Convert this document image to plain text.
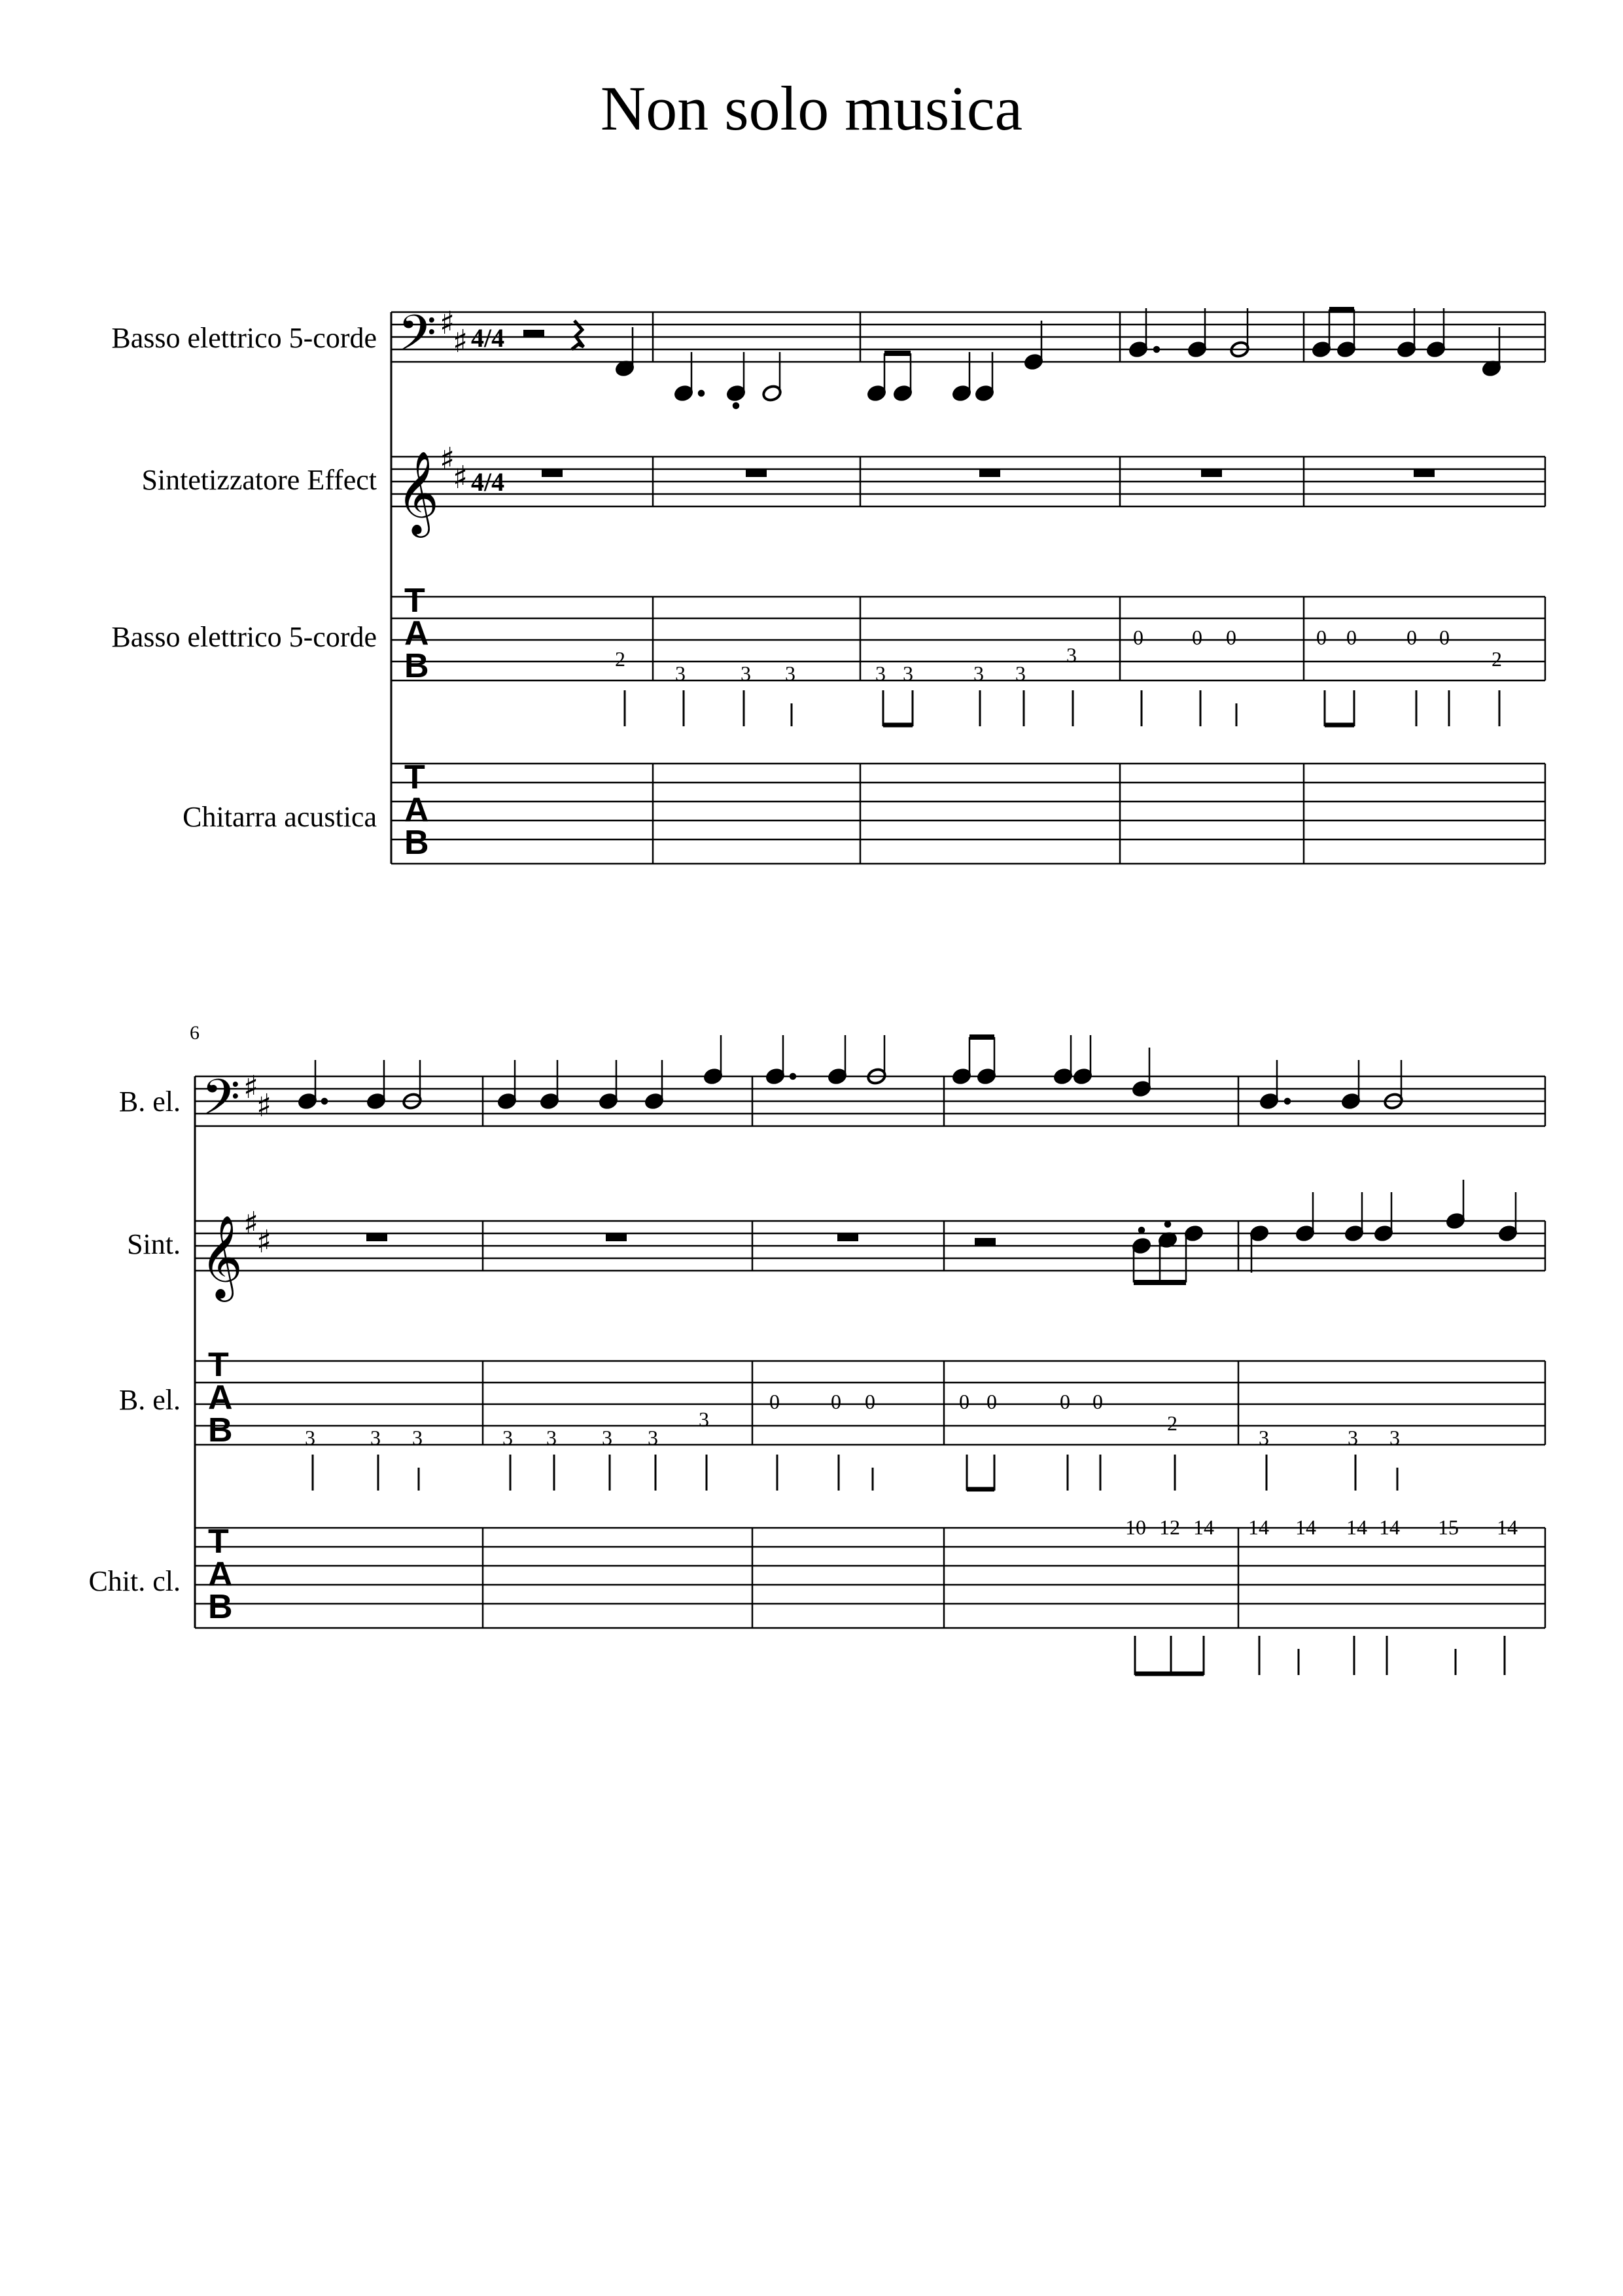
Non solo musica
Basso elettrico 5-corde
Sintetizzatore Effect
Basso elettrico 5-corde
Chitarra acustica
B. el.
Sint.
B. el.
Chit. cl.
𝄢 ♯
♯ 4/4
𝄞 ♯
♯ 4/4
T
A
B
T
A
B
6
𝄢 ♯
♯
𝄞 ♯
♯
T
A
B
T
A
B
2
3	3 3	3 3	3 3
3
0 0 0	0 0 0 0
2
3	3 3	3 3 3 3
3
0 0 0	0 0	0 0
2
3	3 3
10 12 14 14 14 14 14 15 14
